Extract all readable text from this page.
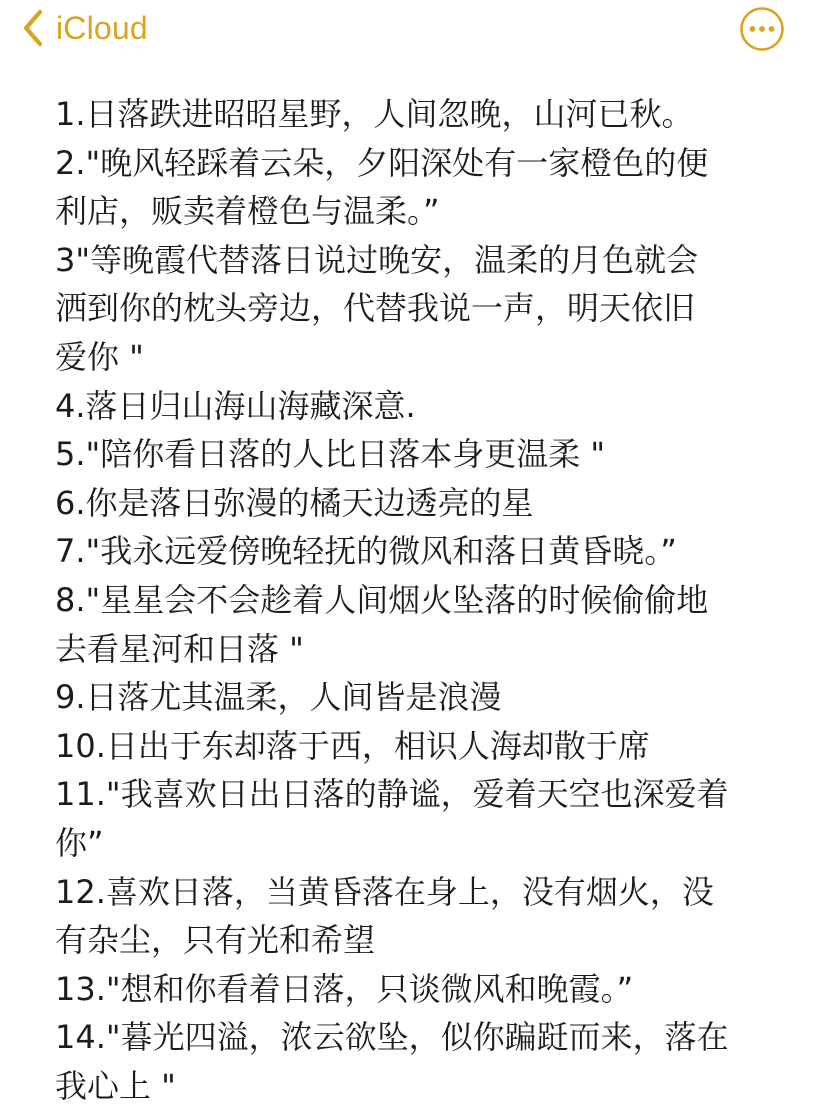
iCloud
1.日落跌进昭昭星野，人间忽晚，山河已秋。
2."晚风轻踩着云朵，夕阳深处有一家橙色的便
利店，贩卖着橙色与温柔。”
3"等晚霞代替落日说过晚安，温柔的月色就会
洒到你的枕头旁边，代替我说一声，明天依旧
爱你 "
4.落日归山海山海藏深意.
5."陪你看日落的人比日落本身更温柔 "
6.你是落日弥漫的橘天边透亮的星
7."我永远爱傍晚轻抚的微风和落日黄昏晓。”
8."星星会不会趁着人间烟火坠落的时候偷偷地
去看星河和日落 "
9.日落尤其温柔，人间皆是浪漫
10.日出于东却落于西，相识人海却散于席
11."我喜欢日出日落的静谧，爱着天空也深爱着
你”
12.喜欢日落，当黄昏落在身上，没有烟火，没
有杂尘，只有光和希望
13."想和你看着日落，只谈微风和晚霞。”
14."暮光四溢，浓云欲坠，似你蹁跹而来，落在
我心上 "
